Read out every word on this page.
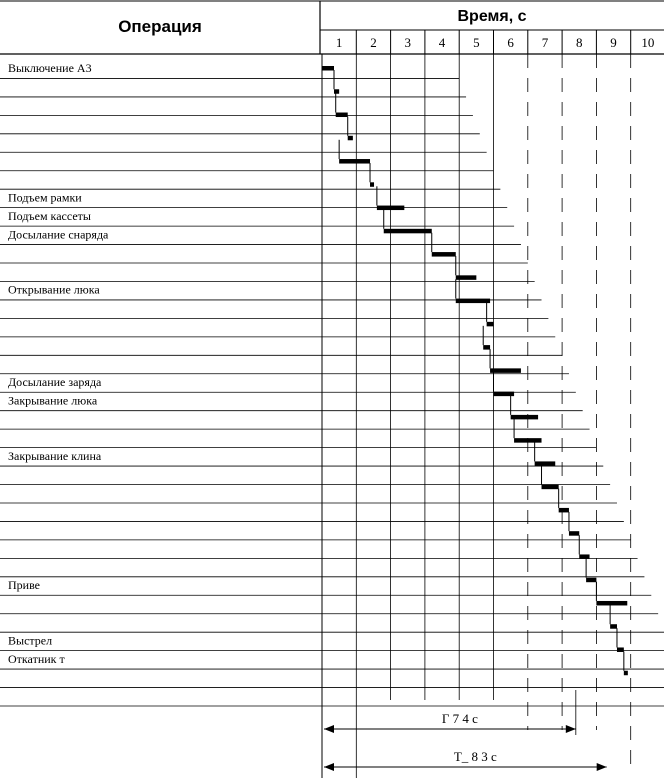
Операция
Время, с
1 2 3 4 5 6 7 8 9 10
Выключение А3
Подъем рамки
Подъем кассеты
Досылание снаряда
Открывание люка
Досылание заряда
Закрывание люка
Закрывание клина
Приве
Выстрел
Откатник т
Г 7 4 с
Т_ 8 3 с
